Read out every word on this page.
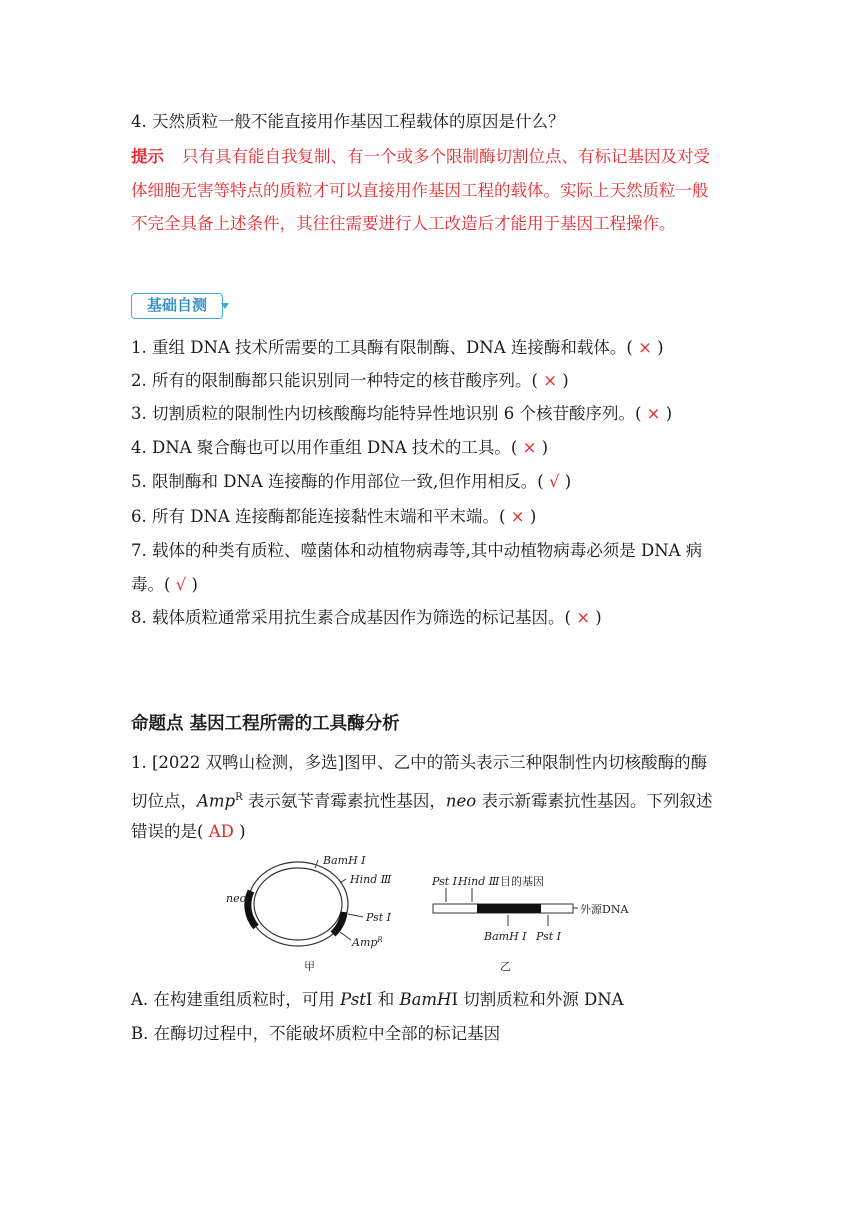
4. 天然质粒一般不能直接用作基因工程载体的原因是什么？
提示 只有具有能自我复制、有一个或多个限制酶切割位点、有标记基因及对受
体细胞无害等特点的质粒才可以直接用作基因工程的载体。实际上天然质粒一般
不完全具备上述条件，其往往需要进行人工改造后才能用于基因工程操作。
基础自测
1. 重组 DNA 技术所需要的工具酶有限制酶、DNA 连接酶和载体。( × )
2. 所有的限制酶都只能识别同一种特定的核苷酸序列。( × )
3. 切割质粒的限制性内切核酸酶均能特异性地识别 6 个核苷酸序列。( × )
4. DNA 聚合酶也可以用作重组 DNA 技术的工具。( × )
5. 限制酶和 DNA 连接酶的作用部位一致,但作用相反。( √ )
6. 所有 DNA 连接酶都能连接黏性末端和平末端。( × )
7. 载体的种类有质粒、噬菌体和动植物病毒等,其中动植物病毒必须是 DNA 病
毒。( √ )
8. 载体质粒通常采用抗生素合成基因作为筛选的标记基因。( × )
命题点 基因工程所需的工具酶分析
1. [2022 双鸭山检测，多选]图甲、乙中的箭头表示三种限制性内切核酸酶的酶
切位点，Amp$^R$ 表示氨苄青霉素抗性基因，neo 表示新霉素抗性基因。下列叙述
错误的是( AD )
BamH Ⅰ
Hind Ⅲ
Pst Ⅰ
neo
Amp$^R$
甲
Pst Ⅰ Hind Ⅲ 目的基因
外源DNA
BamH Ⅰ Pst Ⅰ
乙
A. 在构建重组质粒时，可用 PstⅠ 和 BamHⅠ 切割质粒和外源 DNA
B. 在酶切过程中，不能破坏质粒中全部的标记基因
